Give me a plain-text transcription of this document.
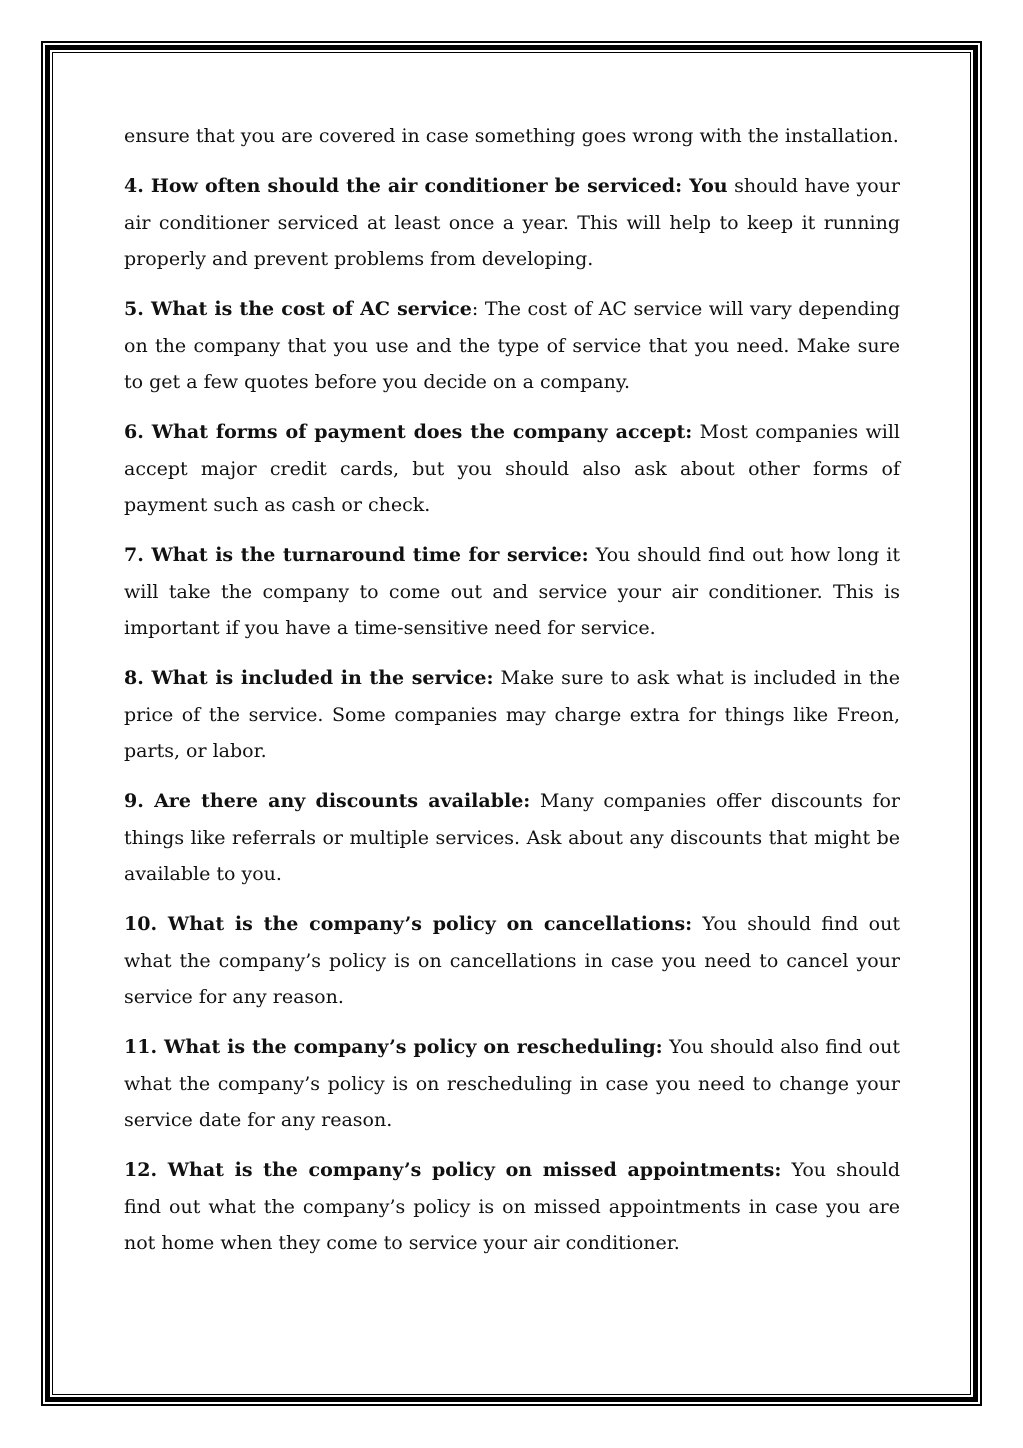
ensure that you are covered in case something goes wrong with the installation.

4. How often should the air conditioner be serviced: You should have your air conditioner serviced at least once a year. This will help to keep it running properly and prevent problems from developing.

5. What is the cost of AC service: The cost of AC service will vary depending on the company that you use and the type of service that you need. Make sure to get a few quotes before you decide on a company.

6. What forms of payment does the company accept: Most companies will accept major credit cards, but you should also ask about other forms of payment such as cash or check.

7. What is the turnaround time for service: You should find out how long it will take the company to come out and service your air conditioner. This is important if you have a time-sensitive need for service.

8. What is included in the service: Make sure to ask what is included in the price of the service. Some companies may charge extra for things like Freon, parts, or labor.

9. Are there any discounts available: Many companies offer discounts for things like referrals or multiple services. Ask about any discounts that might be available to you.

10. What is the company’s policy on cancellations: You should find out what the company’s policy is on cancellations in case you need to cancel your service for any reason.

11. What is the company’s policy on rescheduling: You should also find out what the company’s policy is on rescheduling in case you need to change your service date for any reason.

12. What is the company’s policy on missed appointments: You should find out what the company’s policy is on missed appointments in case you are not home when they come to service your air conditioner.
